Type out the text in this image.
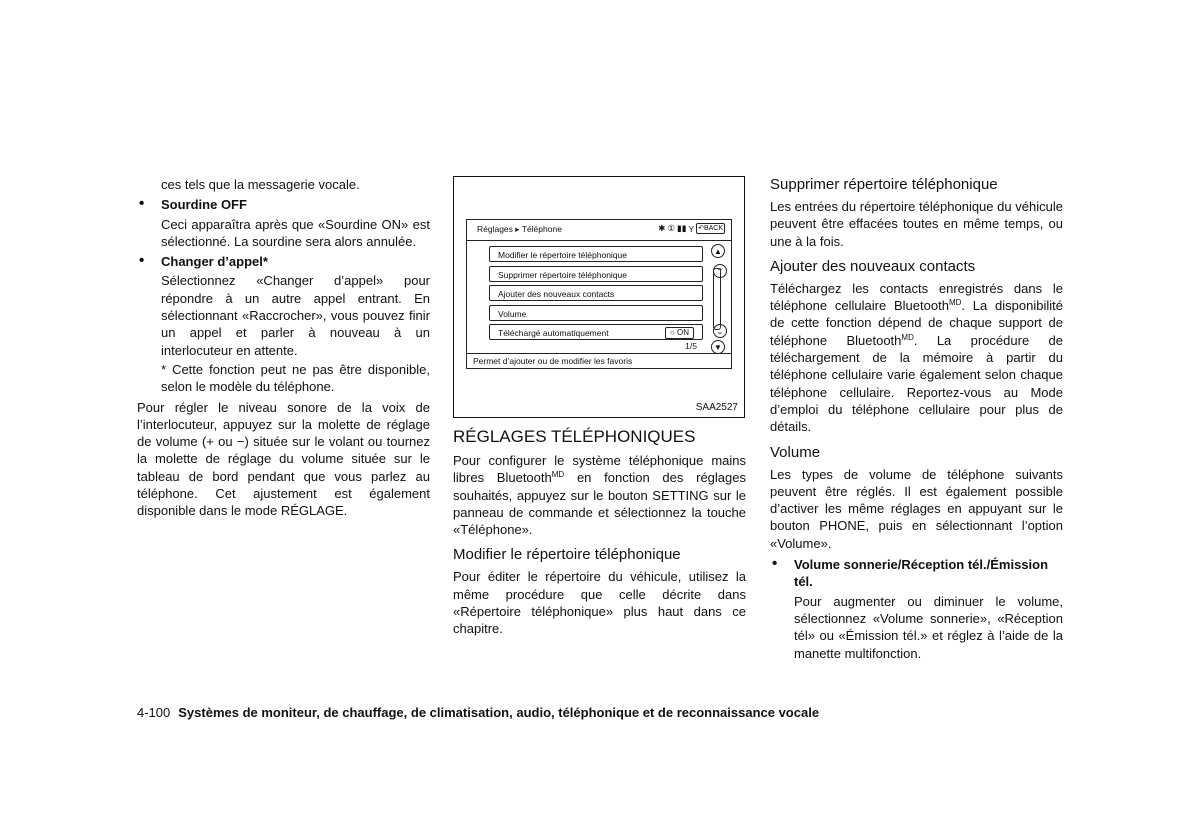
ces tels que la messagerie vocale.

• Sourdine OFF

Ceci apparaîtra après que «Sourdine ON» est sélectionné. La sourdine sera alors annulée.

• Changer d’appel*

Sélectionnez «Changer d’appel» pour répondre à un autre appel entrant. En sélectionnant «Raccrocher», vous pouvez finir un appel et parler à nouveau à un interlocuteur en attente.

* Cette fonction peut ne pas être disponible, selon le modèle du téléphone.

Pour régler le niveau sonore de la voix de l’interlocuteur, appuyez sur la molette de réglage de volume (+ ou −) située sur le volant ou tournez la molette de réglage du volume située sur le tableau de bord pendant que vous parlez au téléphone. Cet ajustement est également disponible dans le mode RÉGLAGE.

Réglages ▸ Téléphone	✱ ① ▮▮ Y ↶BACK
Modifier le répertoire téléphonique
Supprimer répertoire téléphonique
Ajouter des nouveaux contacts
Volume
Téléchargé automatiquement	○ ON
▲
⌃
⌄
▼
1/5
Permet d’ajouter ou de modifier les favoris
SAA2527
RÉGLAGES TÉLÉPHONIQUES

Pour configurer le système téléphonique mains libres Bluetooth$^{MD}$ en fonction des réglages souhaités, appuyez sur le bouton SETTING sur le panneau de commande et sélectionnez la touche «Téléphone».

Modifier le répertoire téléphonique

Pour éditer le répertoire du véhicule, utilisez la même procédure que celle décrite dans «Répertoire téléphonique» plus haut dans ce chapitre.

Supprimer répertoire téléphonique

Les entrées du répertoire téléphonique du véhicule peuvent être effacées toutes en même temps, ou une à la fois.

Ajouter des nouveaux contacts

Téléchargez les contacts enregistrés dans le téléphone cellulaire Bluetooth$^{MD}$. La disponibilité de cette fonction dépend de chaque support de téléphone Bluetooth$^{MD}$. La procédure de téléchargement de la mémoire à partir du téléphone cellulaire varie également selon chaque téléphone cellulaire. Reportez-vous au Mode d’emploi du téléphone cellulaire pour plus de détails.

Volume

Les types de volume de téléphone suivants peuvent être réglés. Il est également possible d’activer les même réglages en appuyant sur le bouton PHONE, puis en sélectionnant l’option «Volume».

• Volume sonnerie/Réception tél./Émission tél.

Pour augmenter ou diminuer le volume, sélectionnez «Volume sonnerie», «Réception tél» ou «Émission tél.» et réglez à l’aide de la manette multifonction.

4-100 Systèmes de moniteur, de chauffage, de climatisation, audio, téléphonique et de reconnaissance vocale
